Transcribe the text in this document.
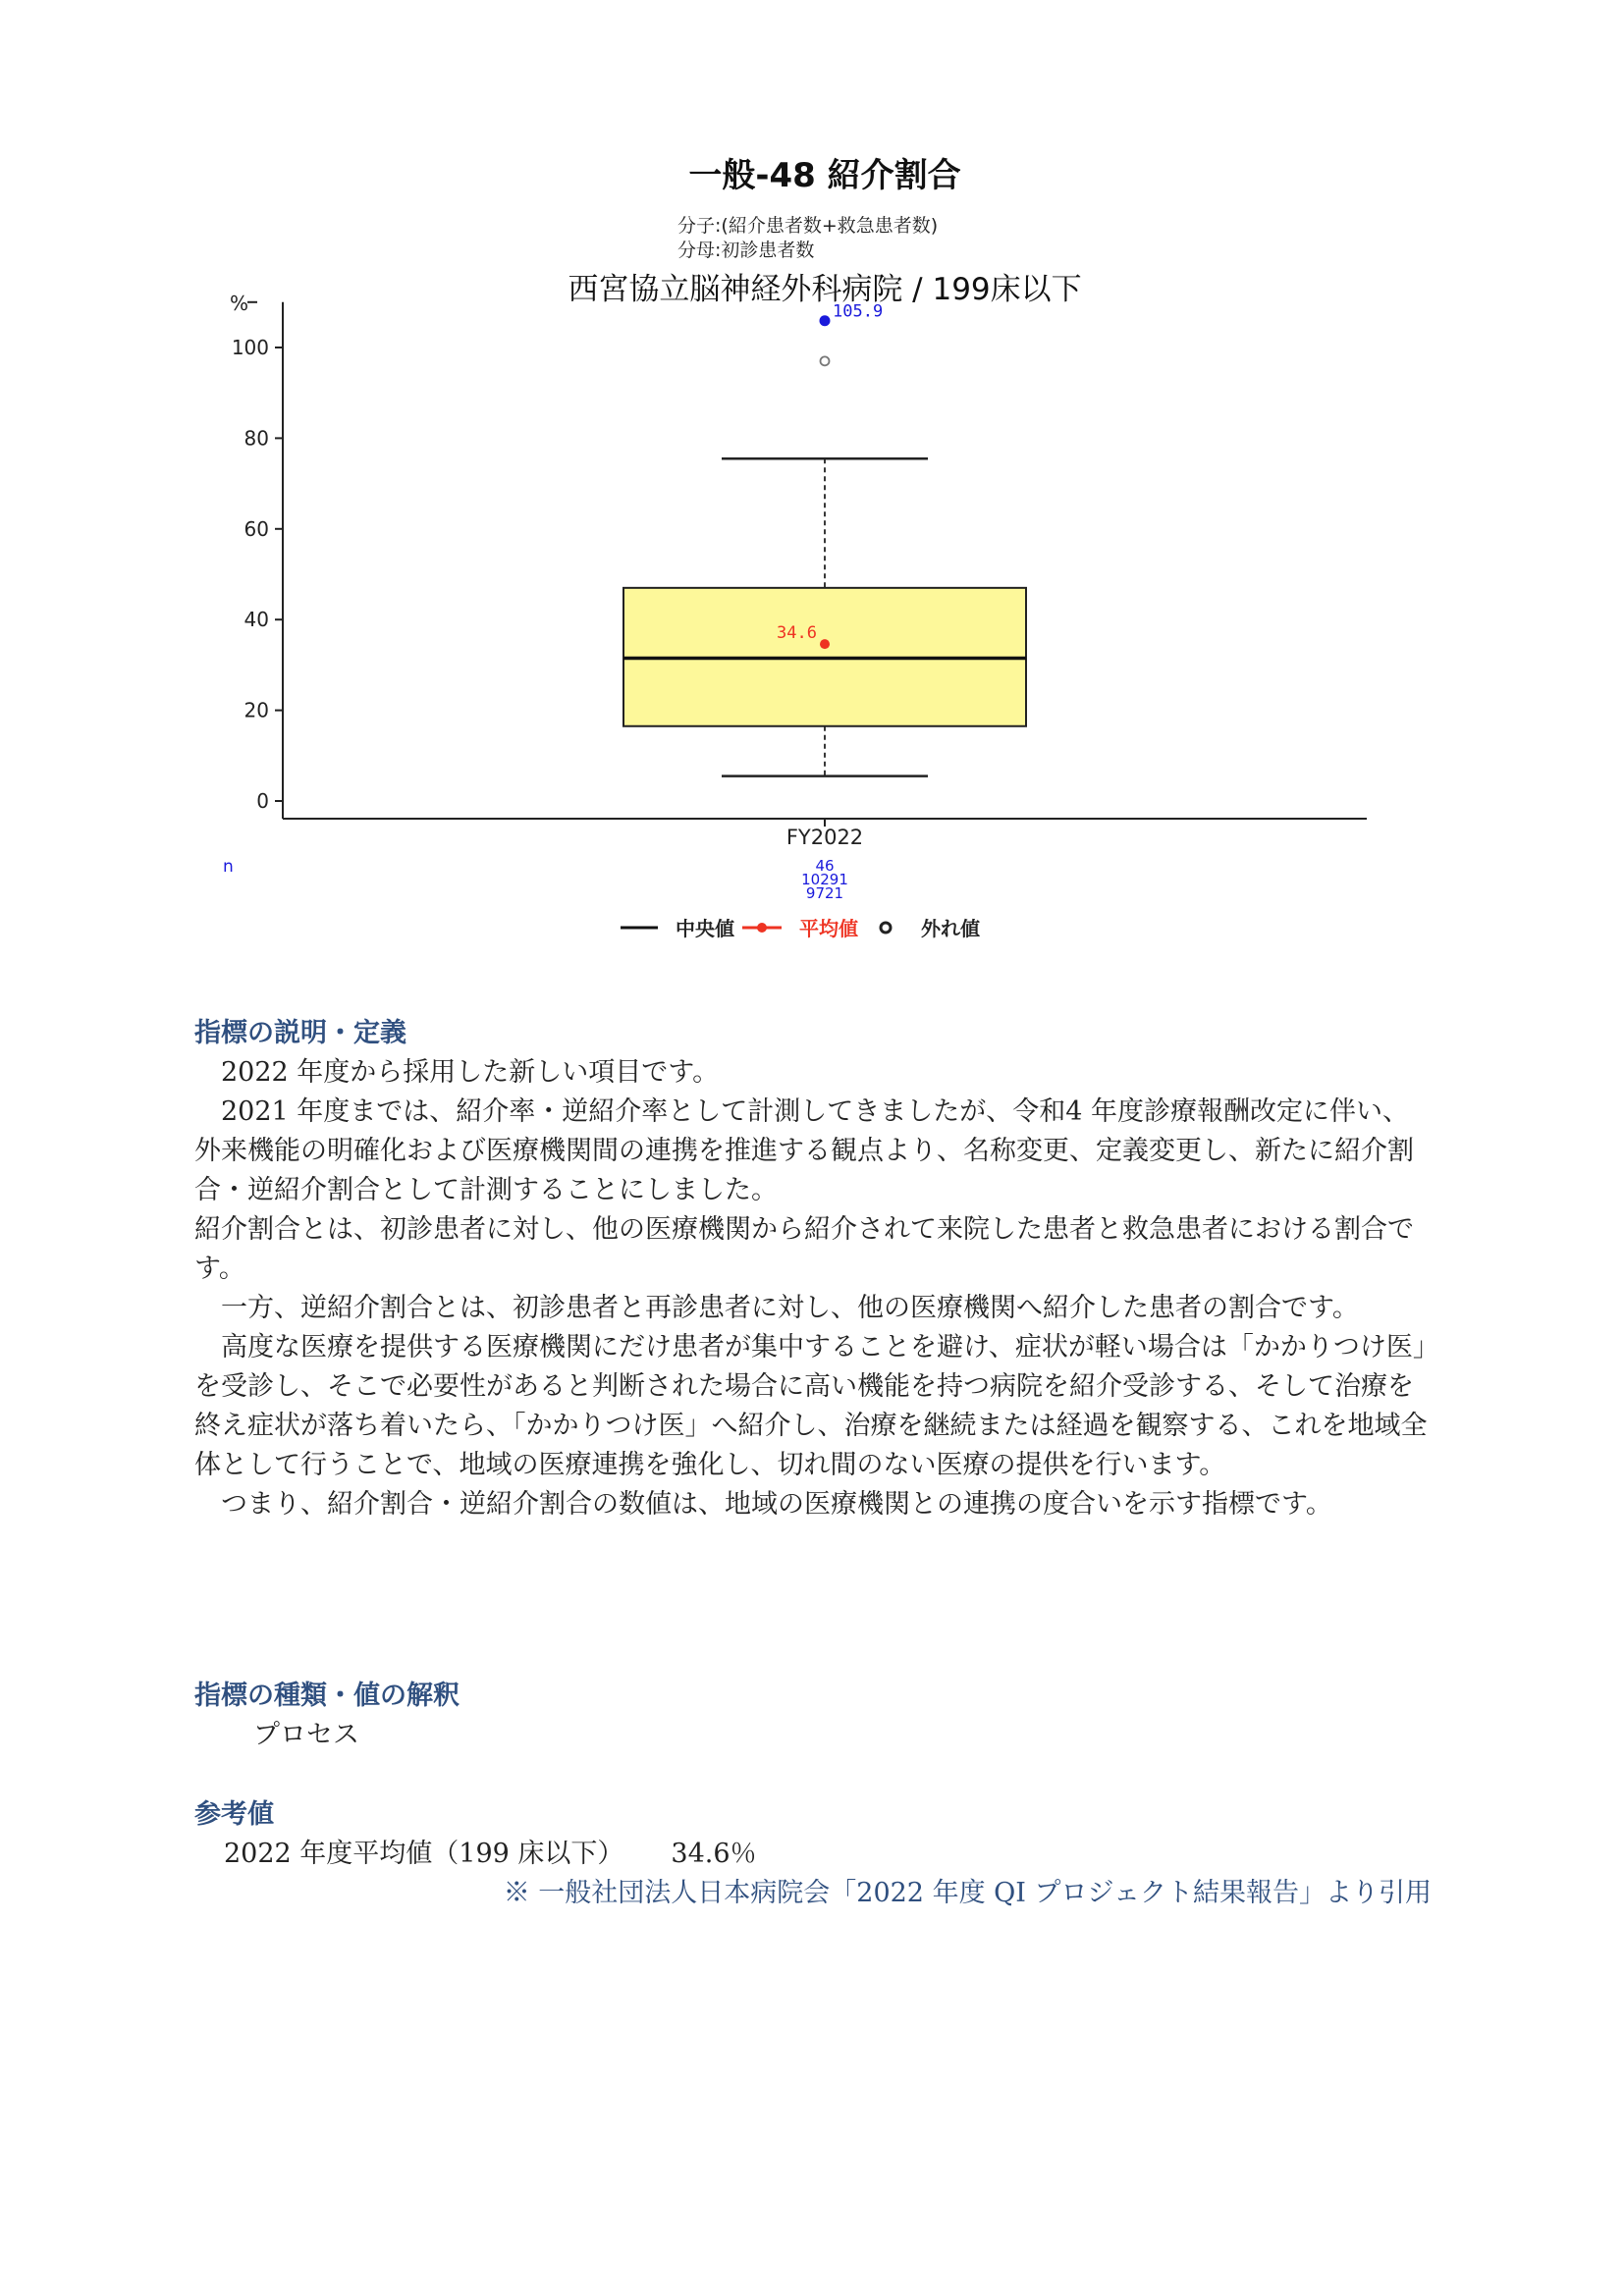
一般-48 紹介割合
分子:(紹介患者数+救急患者数)
分母:初診患者数
西宮協立脳神経外科病院 / 199床以下
0
20
40
60
80
100
%
34.6
105.9
FY2022
46
10291
9721
n
中央値	平均値	外れ値
指標の説明・定義

2022 年度から採用した新しい項目です。

2021 年度までは、紹介率・逆紹介率として計測してきましたが、令和4 年度診療報酬改定に伴い、外来機能の明確化および医療機関間の連携を推進する観点より、名称変更、定義変更し、新たに紹介割合・逆紹介割合として計測することにしました。

紹介割合とは、初診患者に対し、他の医療機関から紹介されて来院した患者と救急患者における割合です。

一方、逆紹介割合とは、初診患者と再診患者に対し、他の医療機関へ紹介した患者の割合です。

高度な医療を提供する医療機関にだけ患者が集中することを避け、症状が軽い場合は「かかりつけ医」を受診し、そこで必要性があると判断された場合に高い機能を持つ病院を紹介受診する、そして治療を終え症状が落ち着いたら、「かかりつけ医」へ紹介し、治療を継続または経過を観察する、これを地域全体として行うことで、地域の医療連携を強化し、切れ間のない医療の提供を行います。

つまり、紹介割合・逆紹介割合の数値は、地域の医療機関との連携の度合いを示す指標です。

指標の種類・値の解釈

プロセス

参考値
2022 年度平均値（199 床以下） 34.6％
※ 一般社団法人日本病院会「2022 年度 QI プロジェクト結果報告」より引用
